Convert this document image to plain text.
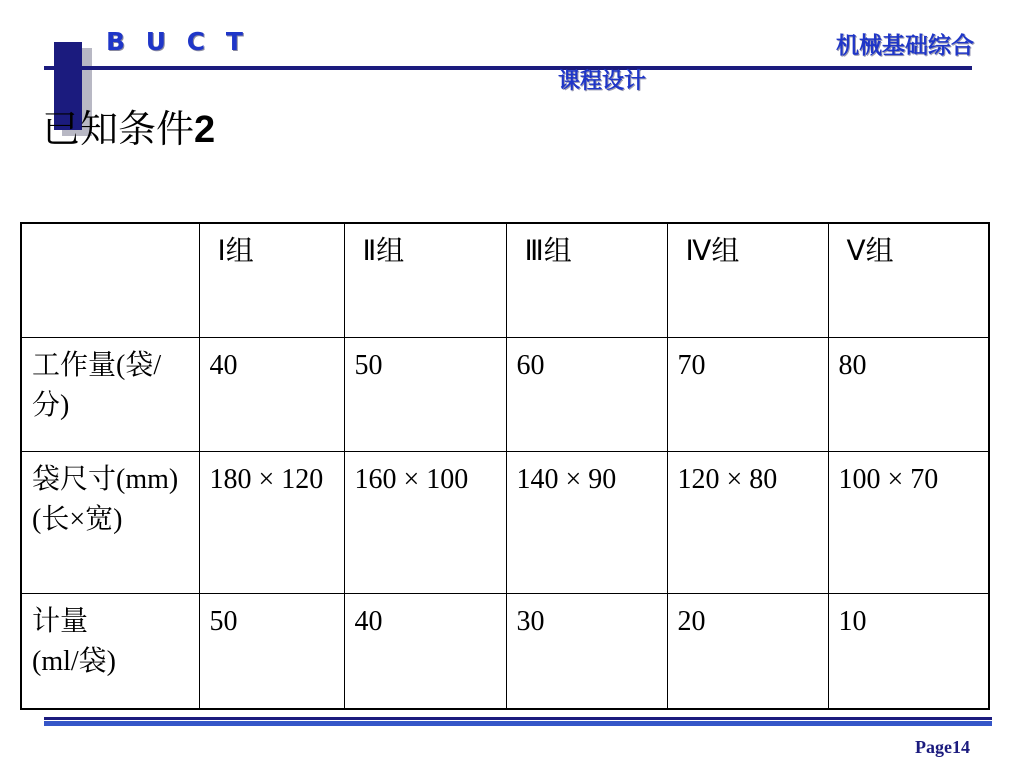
B U C T	机械基础综合
课程设计
已知条件2
	Ⅰ组	Ⅱ组	Ⅲ组	Ⅳ组	Ⅴ组

工作量(袋/分)	40	50	60	70	80

袋尺寸(mm)
(长×宽)	180 × 120	160 × 100	140 × 90	120 × 80	100 × 70

计量
(ml/袋)	50	40	30	20	10
Page14
